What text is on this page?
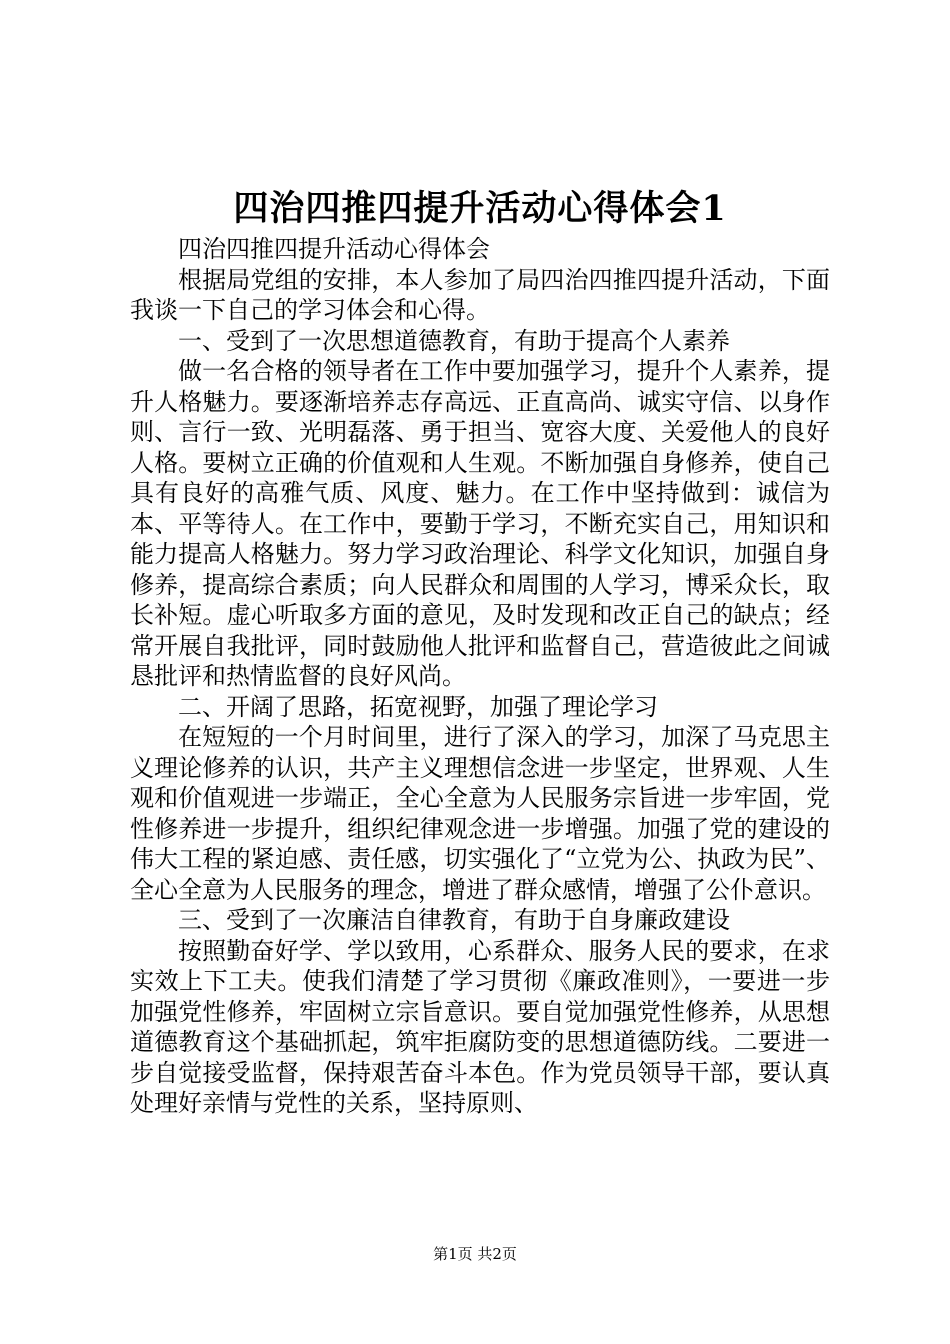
四治四推四提升活动心得体会1

四治四推四提升活动心得体会

根据局党组的安排，本人参加了局四治四推四提升活动，下面我谈一下自己的学习体会和心得。

一、受到了一次思想道德教育，有助于提高个人素养

做一名合格的领导者在工作中要加强学习，提升个人素养，提升人格魅力。要逐渐培养志存高远、正直高尚、诚实守信、以身作则、言行一致、光明磊落、勇于担当、宽容大度、关爱他人的良好人格。要树立正确的价值观和人生观。不断加强自身修养，使自己具有良好的高雅气质、风度、魅力。在工作中坚持做到：诚信为本、平等待人。在工作中，要勤于学习，不断充实自己，用知识和能力提高人格魅力。努力学习政治理论、科学文化知识，加强自身修养，提高综合素质；向人民群众和周围的人学习，博采众长，取长补短。虚心听取多方面的意见，及时发现和改正自己的缺点；经常开展自我批评，同时鼓励他人批评和监督自己，营造彼此之间诚恳批评和热情监督的良好风尚。

二、开阔了思路，拓宽视野，加强了理论学习

在短短的一个月时间里，进行了深入的学习，加深了马克思主义理论修养的认识，共产主义理想信念进一步坚定，世界观、人生观和价值观进一步端正，全心全意为人民服务宗旨进一步牢固，党性修养进一步提升，组织纪律观念进一步增强。加强了党的建设的伟大工程的紧迫感、责任感，切实强化了“立党为公、执政为民”、全心全意为人民服务的理念，增进了群众感情，增强了公仆意识。

三、受到了一次廉洁自律教育，有助于自身廉政建设

按照勤奋好学、学以致用，心系群众、服务人民的要求，在求实效上下工夫。使我们清楚了学习贯彻《廉政准则》，一要进一步加强党性修养，牢固树立宗旨意识。要自觉加强党性修养，从思想道德教育这个基础抓起，筑牢拒腐防变的思想道德防线。二要进一步自觉接受监督，保持艰苦奋斗本色。作为党员领导干部，要认真处理好亲情与党性的关系，坚持原则、

第1页 共2页
